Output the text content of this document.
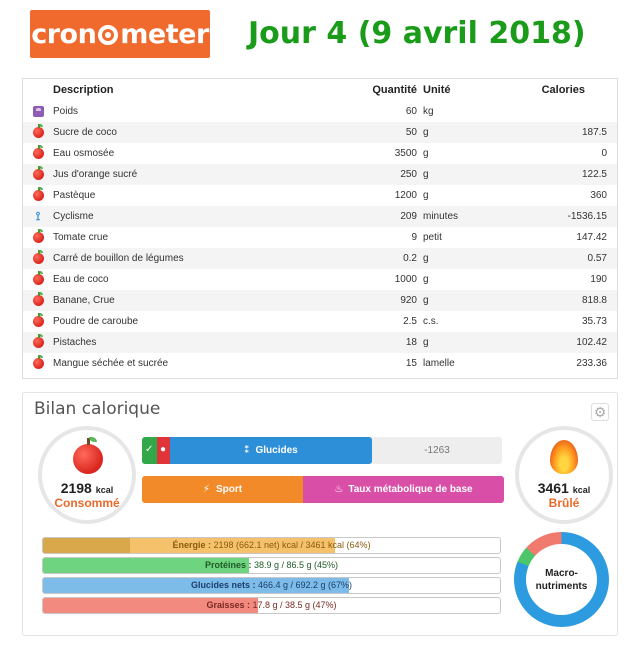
cron meter Jour 4 (9 avril 2018)
Description	Quantité Unité	Calories
Poids	60 kg
Sucre de coco	50 g	187.5
Eau osmosée	3500 g	0
Jus d'orange sucré	250 g	122.5
Pastèque	1200 g	360
⟟ Cyclisme	209 minutes	-1536.15
Tomate crue	9 petit	147.42
Carré de bouillon de légumes	0.2 g	0.57
Eau de coco	1000 g	190
Banane, Crue	920 g	818.8
Poudre de caroube	2.5 c.s.	35.73
Pistaches	18 g	102.42
Mangue séchée et sucrée	15 lamelle	233.36
Bilan calorique	⚙
2198 kcal
Consommé
✓ ●	⁑ Glucides	-1263
⚡ Sport	♨ Taux métabolique de base	3461 kcal
Brûlé
Énergie : 2198 (662.1 net) kcal / 3461 kcal (64%)
Protéines : 38.9 g / 86.5 g (45%)
Glucides nets : 466.4 g / 692.2 g (67%)
Graisses : 17.8 g / 38.5 g (47%)
Macro-
nutriments
